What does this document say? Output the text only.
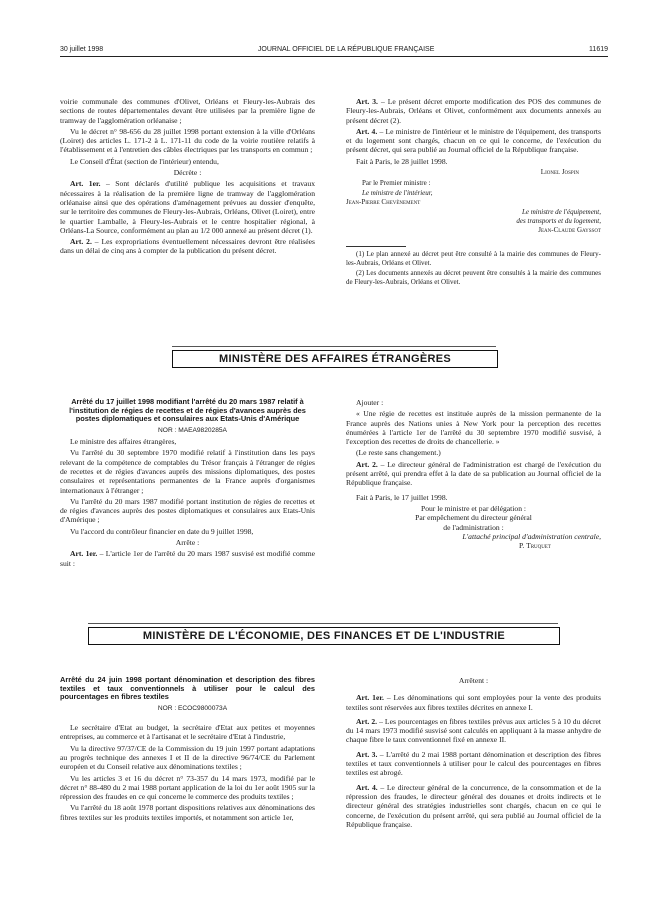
30 juillet 1998	JOURNAL OFFICIEL DE LA RÉPUBLIQUE FRANÇAISE	11619

voirie communale des communes d'Olivet, Orléans et Fleury-les-Aubrais des sections de routes départementales devant être utilisées par la première ligne de tramway de l'agglomération orléanaise ;

Vu le décret n° 98-656 du 28 juillet 1998 portant extension à la ville d'Orléans (Loiret) des articles L. 171-2 à L. 171-11 du code de la voirie routière relatifs à l'établissement et à l'entretien des câbles électriques par les transports en commun ;

Le Conseil d'État (section de l'intérieur) entendu,

Décrète :

Art. 1er. – Sont déclarés d'utilité publique les acquisitions et travaux nécessaires à la réalisation de la première ligne de tramway de l'agglomération orléanaise ainsi que des opérations d'aménagement prévues au dossier d'enquête, sur le territoire des communes de Fleury-les-Aubrais, Orléans, Olivet (Loiret), entre le quartier Lamballe, à Fleury-les-Aubrais et le centre hospitalier régional, à Orléans-La Source, conformément au plan au 1/2 000 annexé au présent décret (1).

Art. 2. – Les expropriations éventuellement nécessaires devront être réalisées dans un délai de cinq ans à compter de la publication du présent décret.

Art. 3. – Le présent décret emporte modification des POS des communes de Fleury-les-Aubrais, Orléans et Olivet, conformément aux documents annexés au présent décret (2).

Art. 4. – Le ministre de l'intérieur et le ministre de l'équipement, des transports et du logement sont chargés, chacun en ce qui le concerne, de l'exécution du présent décret, qui sera publié au Journal officiel de la République française.

Fait à Paris, le 28 juillet 1998.

Lionel Jospin

Par le Premier ministre :

Le ministre de l'intérieur,

Jean-Pierre Chevènement

Le ministre de l'équipement,

des transports et du logement,

Jean-Claude Gayssot

(1) Le plan annexé au décret peut être consulté à la mairie des communes de Fleury-les-Aubrais, Orléans et Olivet.

(2) Les documents annexés au décret peuvent être consultés à la mairie des communes de Fleury-les-Aubrais, Orléans et Olivet.

MINISTÈRE DES AFFAIRES ÉTRANGÈRES

Arrêté du 17 juillet 1998 modifiant l'arrêté du 20 mars 1987 relatif à l'institution de régies de recettes et de régies d'avances auprès des postes diplomatiques et consulaires aux Etats-Unis d'Amérique

NOR : MAEA9820285A

Le ministre des affaires étrangères,

Vu l'arrêté du 30 septembre 1970 modifié relatif à l'institution dans les pays relevant de la compétence de comptables du Trésor français à l'étranger de régies de recettes et de régies d'avances auprès des missions diplomatiques, des postes consulaires et représentations permanentes de la France auprès d'organismes internationaux à l'étranger ;

Vu l'arrêté du 20 mars 1987 modifié portant institution de régies de recettes et de régies d'avances auprès des postes diplomatiques et consulaires aux Etats-Unis d'Amérique ;

Vu l'accord du contrôleur financier en date du 9 juillet 1998,

Arrête :

Art. 1er. – L'article 1er de l'arrêté du 20 mars 1987 susvisé est modifié comme suit :

Ajouter :

« Une régie de recettes est instituée auprès de la mission permanente de la France auprès des Nations unies à New York pour la perception des recettes énumérées à l'article 1er de l'arrêté du 30 septembre 1970 modifié susvisé, à l'exception des recettes de droits de chancellerie. »

(Le reste sans changement.)

Art. 2. – Le directeur général de l'administration est chargé de l'exécution du présent arrêté, qui prendra effet à la date de sa publication au Journal officiel de la République française.

Fait à Paris, le 17 juillet 1998.

Pour le ministre et par délégation :

Par empêchement du directeur général

de l'administration :

L'attaché principal d'administration centrale,

P. Truquet

MINISTÈRE DE L'ÉCONOMIE, DES FINANCES ET DE L'INDUSTRIE

Arrêté du 24 juin 1998 portant dénomination et description des fibres textiles et taux conventionnels à utiliser pour le calcul des pourcentages en fibres textiles

NOR : ECOC9800073A

Le secrétaire d'Etat au budget, la secrétaire d'Etat aux petites et moyennes entreprises, au commerce et à l'artisanat et le secrétaire d'Etat à l'industrie,

Vu la directive 97/37/CE de la Commission du 19 juin 1997 portant adaptations au progrès technique des annexes I et II de la directive 96/74/CE du Parlement européen et du Conseil relative aux dénominations textiles ;

Vu les articles 3 et 16 du décret n° 73-357 du 14 mars 1973, modifié par le décret n° 88-480 du 2 mai 1988 portant application de la loi du 1er août 1905 sur la répression des fraudes en ce qui concerne le commerce des produits textiles ;

Vu l'arrêté du 18 août 1978 portant dispositions relatives aux dénominations des fibres textiles sur les produits textiles importés, et notamment son article 1er,

Arrêtent :

Art. 1er. – Les dénominations qui sont employées pour la vente des produits textiles sont réservées aux fibres textiles décrites en annexe I.

Art. 2. – Les pourcentages en fibres textiles prévus aux articles 5 à 10 du décret du 14 mars 1973 modifié susvisé sont calculés en appliquant à la masse anhydre de chaque fibre le taux conventionnel fixé en annexe II.

Art. 3. – L'arrêté du 2 mai 1988 portant dénomination et description des fibres textiles et taux conventionnels à utiliser pour le calcul des pourcentages en fibres textiles est abrogé.

Art. 4. – Le directeur général de la concurrence, de la consommation et de la répression des fraudes, le directeur général des douanes et droits indirects et le directeur général des stratégies industrielles sont chargés, chacun en ce qui le concerne, de l'exécution du présent arrêté, qui sera publié au Journal officiel de la République française.
